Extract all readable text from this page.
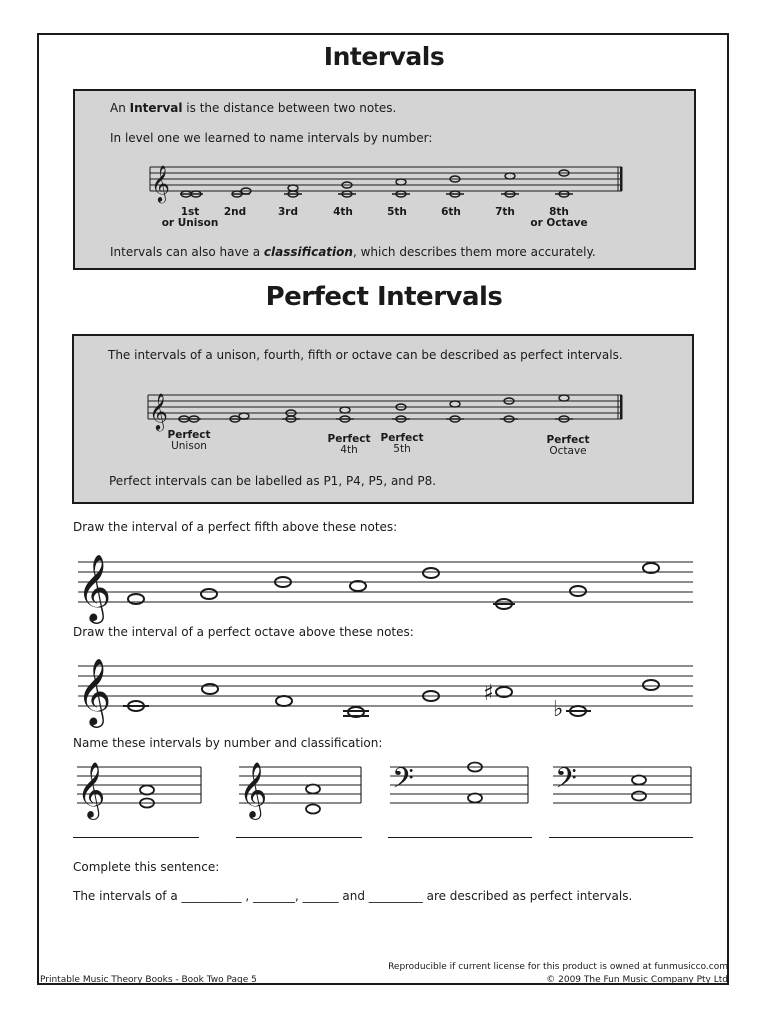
Intervals
An Interval is the distance between two notes.
In level one we learned to name intervals by number:
Intervals can also have a classification, which describes them more accurately.
𝄞
1st
or Unison
2nd	3rd	4th	5th	6th	7th	8th
or Octave
Perfect Intervals
The intervals of a unison, fourth, fifth or octave can be described as perfect intervals.
Perfect intervals can be labelled as P1, P4, P5, and P8.
𝄞
Perfect
Unison
Perfect
4th
Perfect
5th
Perfect
Octave
Draw the interval of a perfect fifth above these notes:
𝄞
Draw the interval of a perfect octave above these notes:
𝄞	♯
♭
Name these intervals by number and classification:
𝄞	𝄞	𝄢	𝄢
Complete this sentence:
The intervals of a __________ , _______, ______ and _________ are described as perfect intervals.
Reproducible if current license for this product is owned at funmusicco.com
Printable Music Theory Books - Book Two Page 5	© 2009 The Fun Music Company Pty Ltd
